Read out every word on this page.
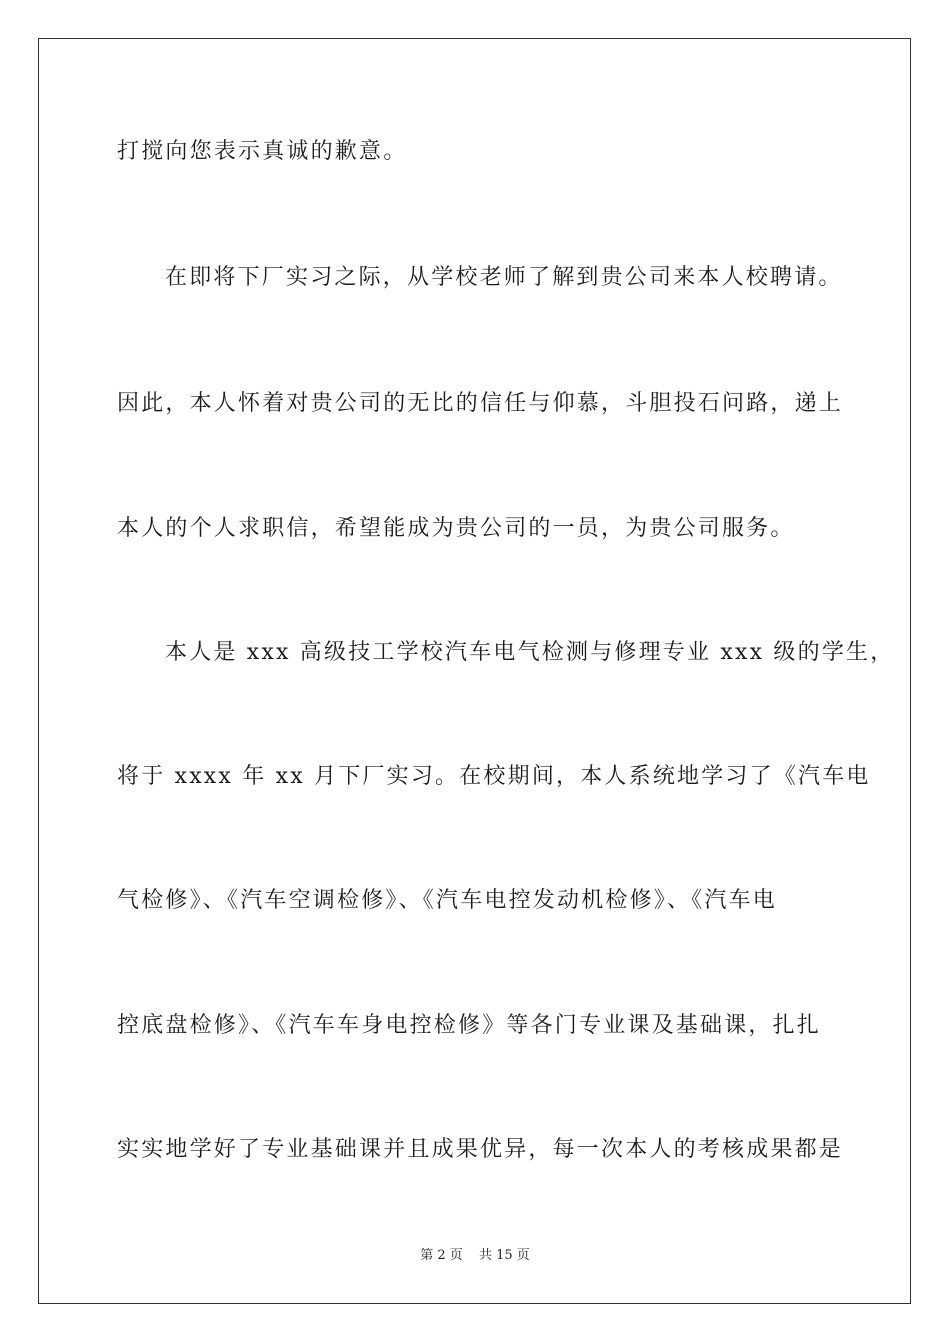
打搅向您表示真诚的歉意。
在即将下厂实习之际，从学校老师了解到贵公司来本人校聘请。
因此，本人怀着对贵公司的无比的信任与仰慕，斗胆投石问路，递上
本人的个人求职信，希望能成为贵公司的一员，为贵公司服务。
本人是 xxx 高级技工学校汽车电气检测与修理专业 xxx 级的学生，
将于 xxxx 年 xx 月下厂实习。在校期间，本人系统地学习了《汽车电
气检修》、《汽车空调检修》、《汽车电控发动机检修》、《汽车电
控底盘检修》、《汽车车身电控检修》等各门专业课及基础课，扎扎
实实地学好了专业基础课并且成果优异，每一次本人的考核成果都是
第 2 页 共 15 页
